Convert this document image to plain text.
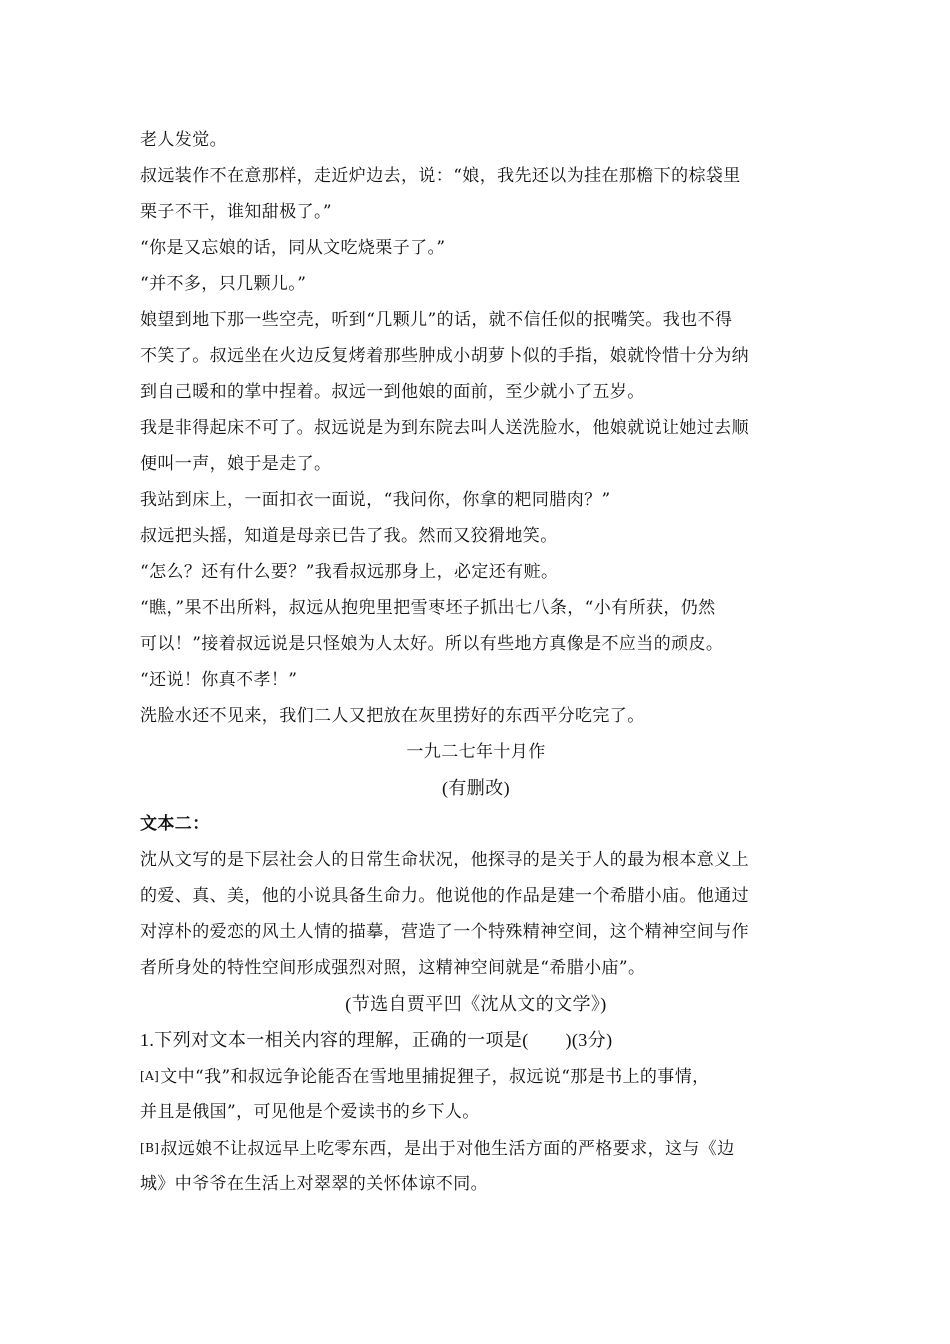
老人发觉。
叔远装作不在意那样，走近炉边去，说：“娘，我先还以为挂在那檐下的棕袋里
栗子不干，谁知甜极了。”
“你是又忘娘的话，同从文吃烧栗子了。”
“并不多，只几颗儿。”
娘望到地下那一些空壳，听到“几颗儿”的话，就不信任似的抿嘴笑。我也不得
不笑了。叔远坐在火边反复烤着那些肿成小胡萝卜似的手指，娘就怜惜十分为纳
到自己暖和的掌中捏着。叔远一到他娘的面前，至少就小了五岁。
我是非得起床不可了。叔远说是为到东院去叫人送洗脸水，他娘就说让她过去顺
便叫一声，娘于是走了。
我站到床上，一面扣衣一面说，“我问你，你拿的粑同腊肉？”
叔远把头摇，知道是母亲已告了我。然而又狡猾地笑。
“怎么？还有什么要？”我看叔远那身上，必定还有赃。
“瞧，”果不出所料，叔远从抱兜里把雪枣坯子抓出七八条，“小有所获，仍然
可以！”接着叔远说是只怪娘为人太好。所以有些地方真像是不应当的顽皮。
“还说！你真不孝！”
洗脸水还不见来，我们二人又把放在灰里捞好的东西平分吃完了。
一九二七年十月作
(有删改)
文本二：
沈从文写的是下层社会人的日常生命状况，他探寻的是关于人的最为根本意义上
的爱、真、美，他的小说具备生命力。他说他的作品是建一个希腊小庙。他通过
对淳朴的爱恋的风土人情的描摹，营造了一个特殊精神空间，这个精神空间与作
者所身处的特性空间形成强烈对照，这精神空间就是“希腊小庙”。
(节选自贾平凹《沈从文的文学》)
1.下列对文本一相关内容的理解，正确的一项是(　　)(3分)
[A]文中“我”和叔远争论能否在雪地里捕捉狸子，叔远说“那是书上的事情，
并且是俄国”，可见他是个爱读书的乡下人。
[B]叔远娘不让叔远早上吃零东西，是出于对他生活方面的严格要求，这与《边
城》中爷爷在生活上对翠翠的关怀体谅不同。
